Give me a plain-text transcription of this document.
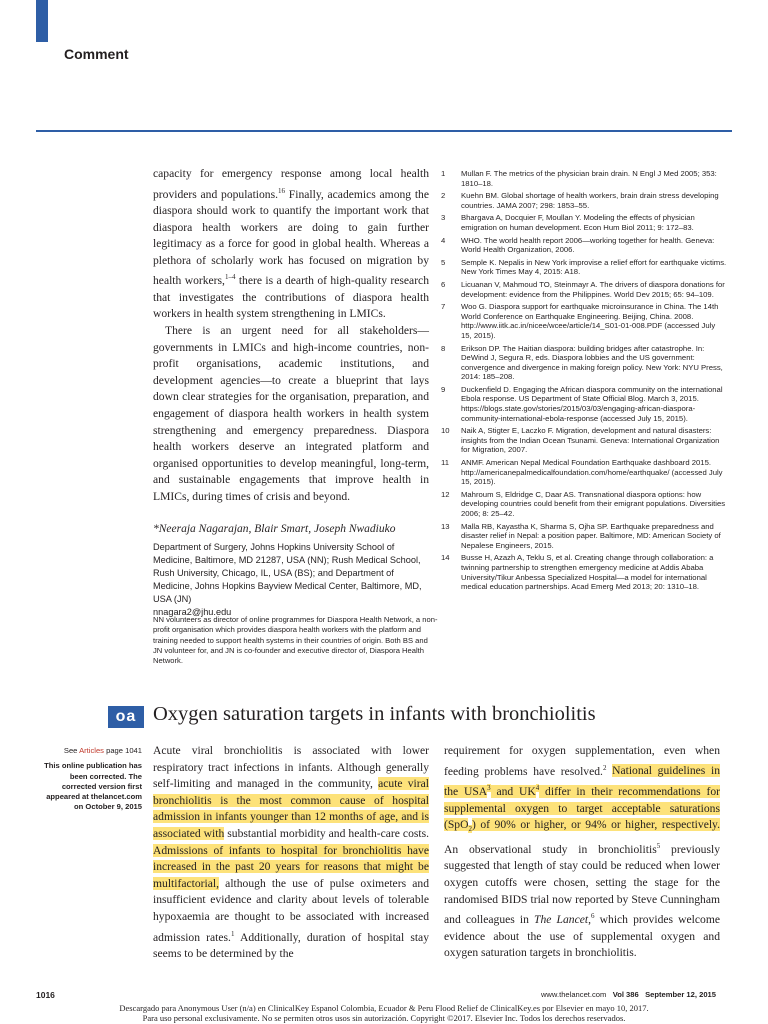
Comment

capacity for emergency response among local health providers and populations.$^{16}$ Finally, academics among the diaspora should work to quantify the important work that diaspora health workers are doing to gain further legitimacy as a force for good in global health. Whereas a plethora of scholarly work has focused on migration by health workers,$^{1-4}$ there is a dearth of high-quality research that investigates the contributions of diaspora health workers in health system strengthening in LMICs.

There is an urgent need for all stakeholders—governments in LMICs and high-income countries, non-profit organisations, academic institutions, and development agencies—to create a blueprint that lays down clear strategies for the organisation, preparation, and engagement of diaspora health workers in health system strengthening and emergency preparedness. Diaspora health workers deserve an integrated platform and organised opportunities to develop meaningful, long-term, and sustainable engagements that improve health in LMICs, during times of crisis and beyond.

*Neeraja Nagarajan, Blair Smart, Joseph Nwadiuko
Department of Surgery, Johns Hopkins University School of Medicine, Baltimore, MD 21287, USA (NN); Rush Medical School, Rush University, Chicago, IL, USA (BS); and Department of Medicine, Johns Hopkins Bayview Medical Center, Baltimore, MD, USA (JN)
nnagara2@jhu.edu
NN volunteers as director of online programmes for Diaspora Health Network, a non-profit organisation which provides diaspora health workers with the platform and training needed to support health systems in their countries of origin. Both BS and JN volunteer for, and JN is co-founder and executive director of, Diaspora Health Network.
1 Mullan F. The metrics of the physician brain drain. N Engl J Med 2005; 353: 1810–18.
2 Kuehn BM. Global shortage of health workers, brain drain stress developing countries. JAMA 2007; 298: 1853–55.
3 Bhargava A, Docquier F, Moullan Y. Modeling the effects of physician emigration on human development. Econ Hum Biol 2011; 9: 172–83.
4 WHO. The world health report 2006—working together for health. Geneva: World Health Organization, 2006.
5 Semple K. Nepalis in New York improvise a relief effort for earthquake victims. New York Times May 4, 2015: A18.
6 Licuanan V, Mahmoud TO, Steinmayr A. The drivers of diaspora donations for development: evidence from the Philippines. World Dev 2015; 65: 94–109.
7 Woo G. Diaspora support for earthquake microinsurance in China. The 14th World Conference on Earthquake Engineering. Beijing, China. 2008. http://www.iitk.ac.in/nicee/wcee/article/14_S01-01-008.PDF (accessed July 15, 2015).
8 Erikson DP. The Haitian diaspora: building bridges after catastrophe. In: DeWind J, Segura R, eds. Diaspora lobbies and the US government: convergence and divergence in making foreign policy. New York: NYU Press, 2014: 185–208.
9 Duckenfield D. Engaging the African diaspora community on the international Ebola response. US Department of State Official Blog. March 3, 2015. https://blogs.state.gov/stories/2015/03/03/engaging-african-diaspora-community-international-ebola-response (accessed July 15, 2015).
10 Naik A, Stigter E, Laczko F. Migration, development and natural disasters: insights from the Indian Ocean Tsunami. Geneva: International Organization for Migration, 2007.
11 ANMF. American Nepal Medical Foundation Earthquake dashboard 2015. http://americanepalmedicalfoundation.com/home/earthquake/ (accessed July 15, 2015).
12 Mahroum S, Eldridge C, Daar AS. Transnational diaspora options: how developing countries could benefit from their emigrant populations. Diversities 2006; 8: 25–42.
13 Malla RB, Kayastha K, Sharma S, Ojha SP. Earthquake preparedness and disaster relief in Nepal: a position paper. Baltimore, MD: American Society of Nepalese Engineers, 2015.
14 Busse H, Azazh A, Teklu S, et al. Creating change through collaboration: a twinning partnership to strengthen emergency medicine at Addis Ababa University/Tikur Anbessa Specialized Hospital—a model for international medical education partnerships. Acad Emerg Med 2013; 20: 1310–18.
oa Oxygen saturation targets in infants with bronchiolitis
See Articles page 1041
This online publication has been corrected. The corrected version first appeared at thelancet.com on October 9, 2015
Acute viral bronchiolitis is associated with lower respiratory tract infections in infants. Although generally self-limiting and managed in the community, acute viral bronchiolitis is the most common cause of hospital admission in infants younger than 12 months of age, and is associated with substantial morbidity and health-care costs. Admissions of infants to hospital for bronchiolitis have increased in the past 20 years for reasons that might be multifactorial, although the use of pulse oximeters and insufficient evidence and clarity about levels of tolerable hypoxaemia are thought to be associated with increased admission rates.$^1$ Additionally, duration of hospital stay seems to be determined by the
requirement for oxygen supplementation, even when feeding problems have resolved.$^2$ National guidelines in the USA$^3$ and $UK^4$ differ in their recommendations for supplemental oxygen to target acceptable saturations (SpO$_2$) of 90% or higher, or 94% or higher, respectively. An observational study in bronchiolitis$^5$ previously suggested that length of stay could be reduced when lower oxygen cutoffs were chosen, setting the stage for the randomised BIDS trial now reported by Steve Cunningham and colleagues in The Lancet,$^6$ which provides welcome evidence about the use of supplemental oxygen and oxygen saturation targets in bronchiolitis.
1016	www.thelancet.com Vol 386 September 12, 2015
Descargado para Anonymous User (n/a) en ClinicalKey Espanol Colombia, Ecuador & Peru Flood Relief de ClinicalKey.es por Elsevier en mayo 10, 2017.
Para uso personal exclusivamente. No se permiten otros usos sin autorización. Copyright ©2017. Elsevier Inc. Todos los derechos reservados.
